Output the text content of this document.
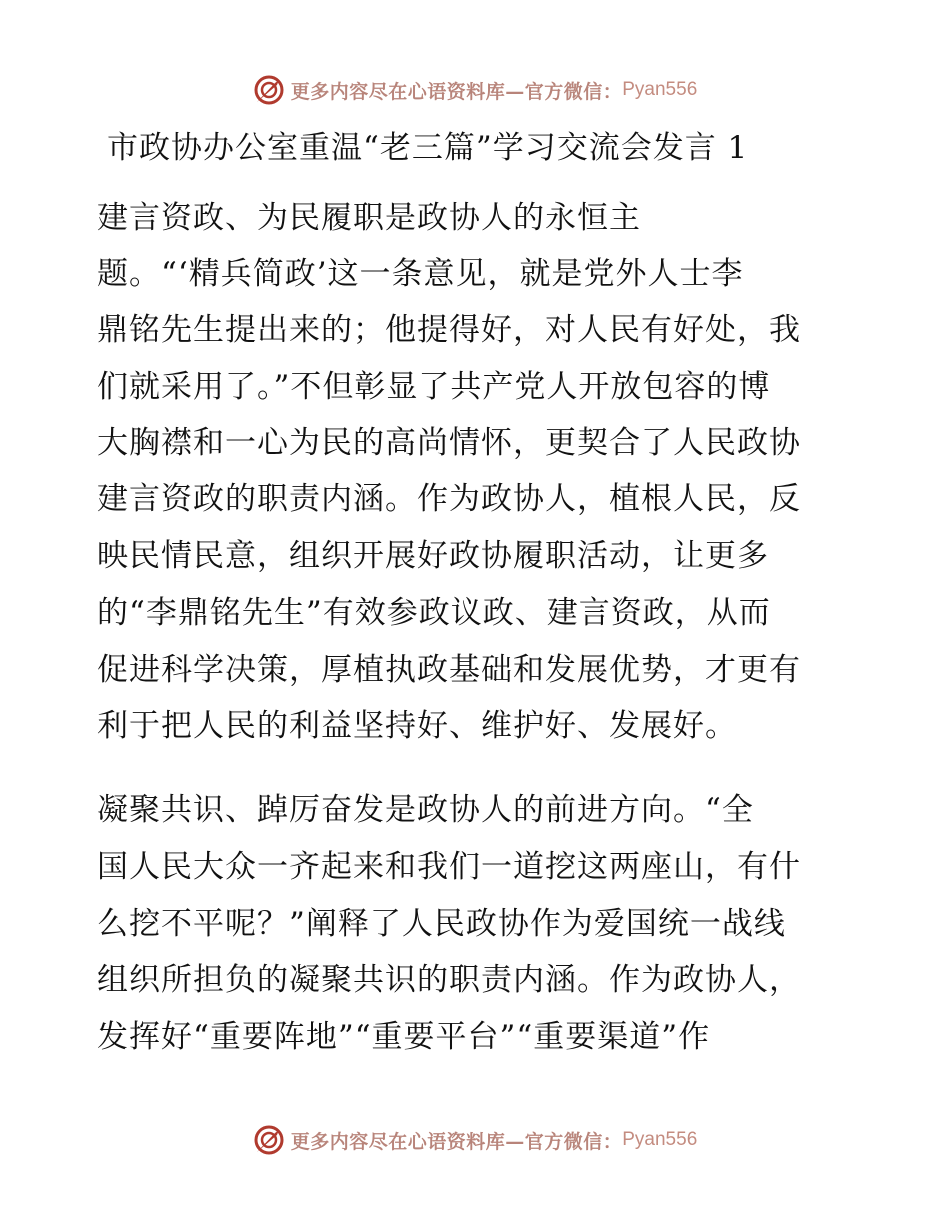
更多内容尽在心语资料库—官方微信： Pyan556
市政协办公室重温“老三篇”学习交流会发言 1
建言资政、为民履职是政协人的永恒主
题。“‘精兵简政’这一条意见，就是党外人士李
鼎铭先生提出来的；他提得好，对人民有好处，我
们就采用了。”不但彰显了共产党人开放包容的博
大胸襟和一心为民的高尚情怀，更契合了人民政协
建言资政的职责内涵。作为政协人，植根人民，反
映民情民意，组织开展好政协履职活动，让更多
的“李鼎铭先生”有效参政议政、建言资政，从而
促进科学决策，厚植执政基础和发展优势，才更有
利于把人民的利益坚持好、维护好、发展好。
凝聚共识、踔厉奋发是政协人的前进方向。“全
国人民大众一齐起来和我们一道挖这两座山，有什
么挖不平呢？”阐释了人民政协作为爱国统一战线
组织所担负的凝聚共识的职责内涵。作为政协人，
发挥好“重要阵地”“重要平台”“重要渠道”作
更多内容尽在心语资料库—官方微信： Pyan556
